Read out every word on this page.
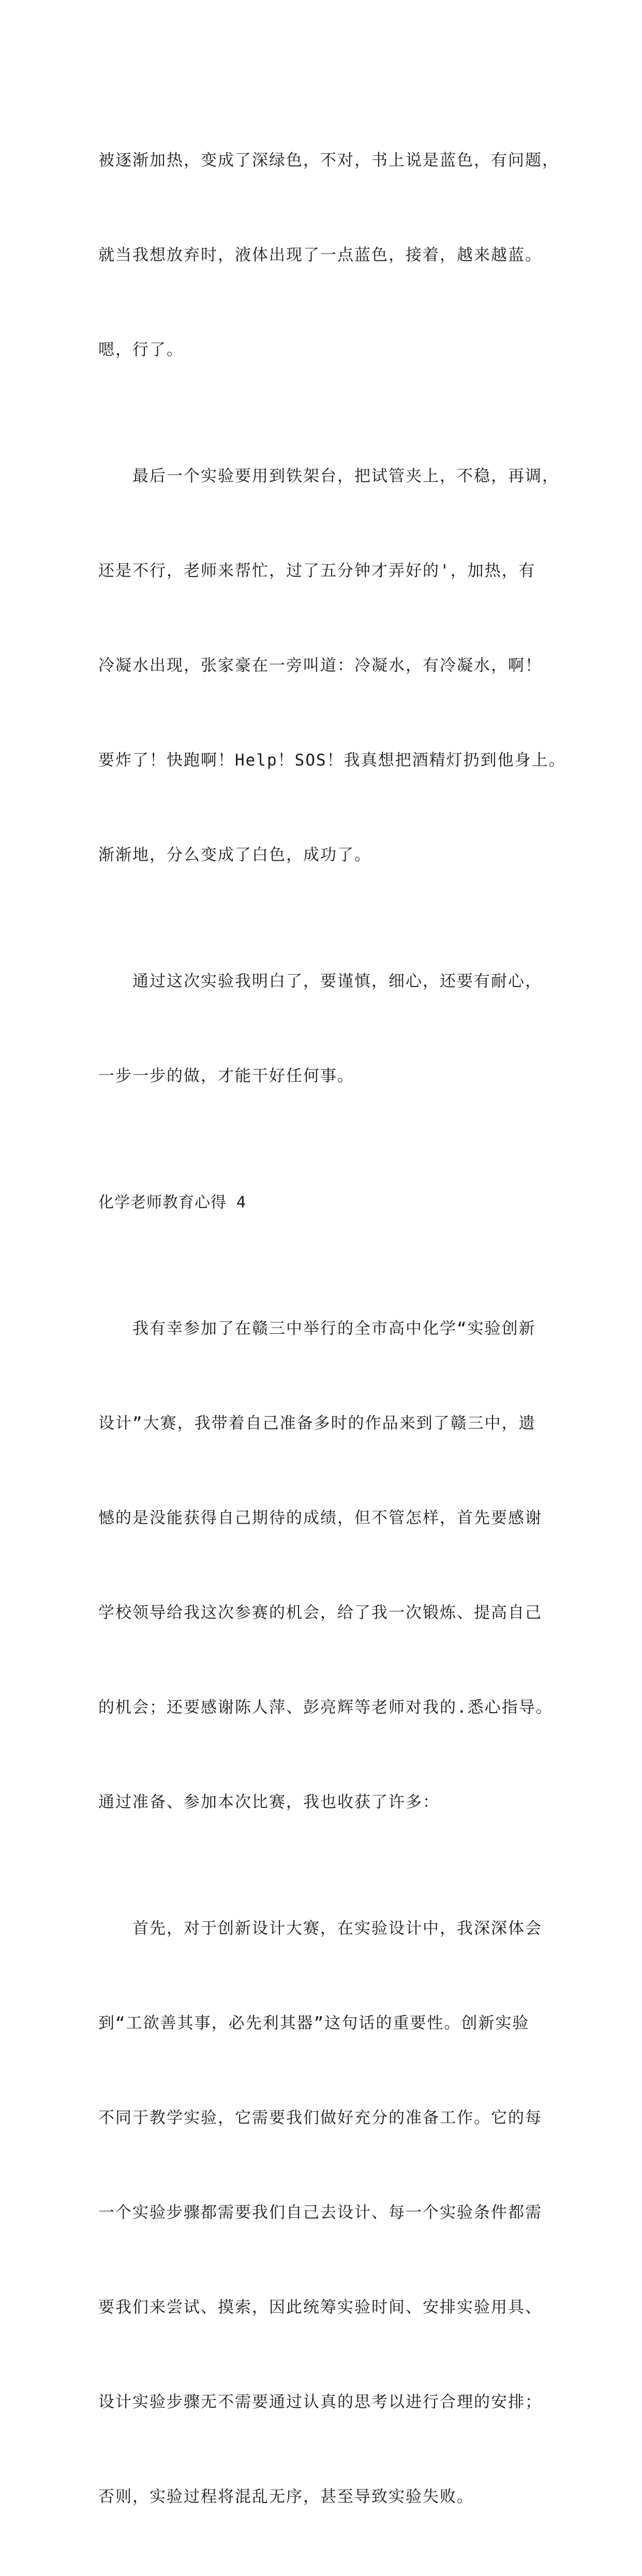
被逐渐加热，变成了深绿色，不对，书上说是蓝色，有问题，

就当我想放弃时，液体出现了一点蓝色，接着，越来越蓝。

嗯，行了。

　　最后一个实验要用到铁架台，把试管夹上，不稳，再调，

还是不行，老师来帮忙，过了五分钟才弄好的'，加热，有

冷凝水出现，张家豪在一旁叫道：冷凝水，有冷凝水，啊！

要炸了！快跑啊！Help！SOS！我真想把酒精灯扔到他身上。

渐渐地，分么变成了白色，成功了。

　　通过这次实验我明白了，要谨慎，细心，还要有耐心，

一步一步的做，才能干好任何事。

化学老师教育心得 4

　　我有幸参加了在赣三中举行的全市高中化学“实验创新

设计”大赛，我带着自己准备多时的作品来到了赣三中，遗

憾的是没能获得自己期待的成绩，但不管怎样，首先要感谢

学校领导给我这次参赛的机会，给了我一次锻炼、提高自己

的机会；还要感谢陈人萍、彭亮辉等老师对我的.悉心指导。

通过准备、参加本次比赛，我也收获了许多：

　　首先，对于创新设计大赛，在实验设计中，我深深体会

到“工欲善其事，必先利其器”这句话的重要性。创新实验

不同于教学实验，它需要我们做好充分的准备工作。它的每

一个实验步骤都需要我们自己去设计、每一个实验条件都需

要我们来尝试、摸索，因此统筹实验时间、安排实验用具、

设计实验步骤无不需要通过认真的思考以进行合理的安排；

否则，实验过程将混乱无序，甚至导致实验失败。
